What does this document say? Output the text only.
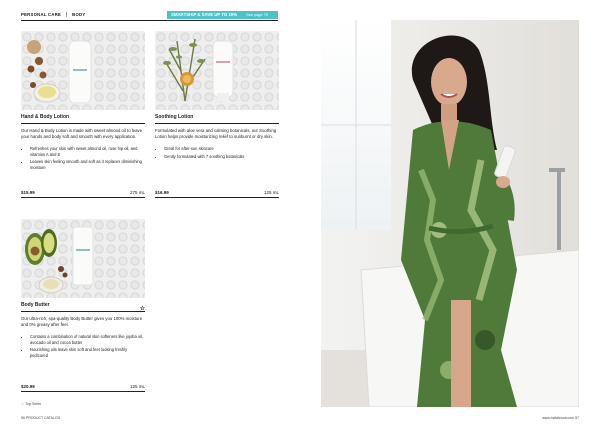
PERSONAL CARE	BODY	SMARTSHIP & SAVE UP TO 15% See page 70
Hand & Body Lotion
Our Hand & Body Lotion is made with sweet almond oil to leave your hands and body soft and smooth with every application.
• Refreshes your skin with sweet almond oil, rose hip oil, and vitamins A and E
• Leaves skin feeling smooth and soft as it replaces diminishing moisture
$15.99	275 mL
Soothing Lotion
Formulated with aloe vera and calming botanicals, our Soothing Lotion helps provide moisturizing relief to sunburnt or dry skin.
• Great for after-sun skincare
• Gently formulated with 7 soothing botanicals
$16.99	125 mL
Body Butter
☆
Our ultra-rich, spa-quality Body Butter gives you 100% moisture and 0% greasy after feel.
• Contains a combination of natural skin softeners like jojoba oil, avocado oil and cocoa butter
• Nourishing oils leave skin soft and feet looking freshly pedicured
$20.99	125 mL
☆ Top Seller
56 PRODUCT CATALOG	www.melaleuca.com 57
